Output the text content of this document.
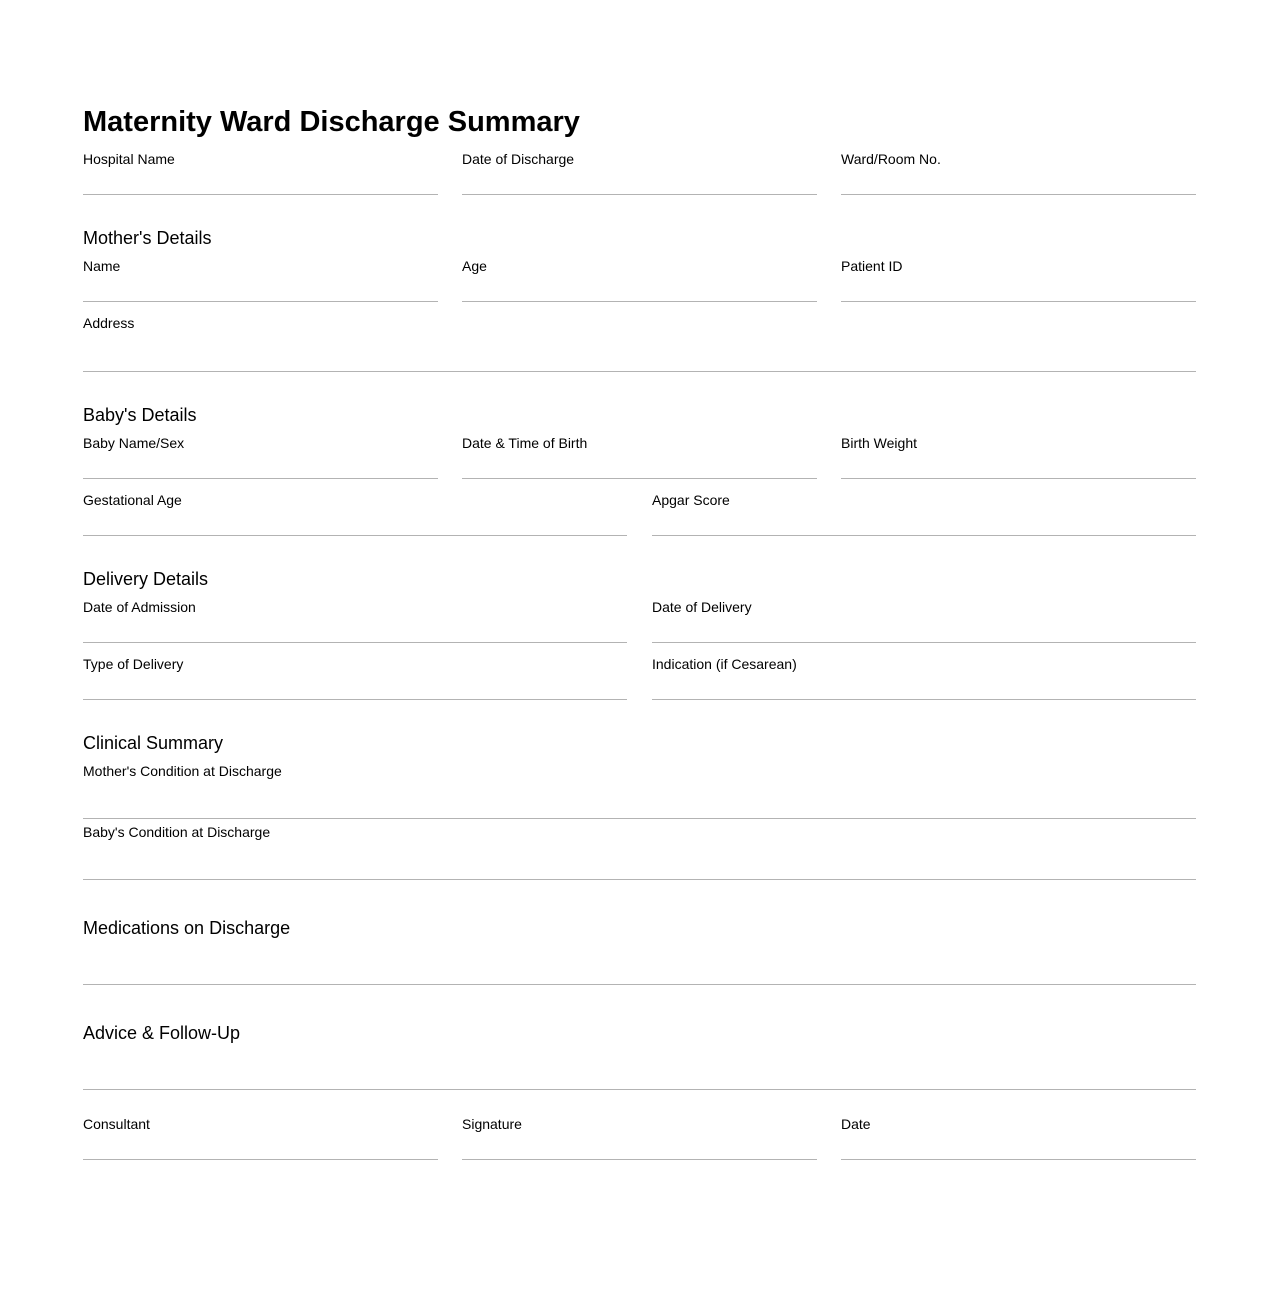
Maternity Ward Discharge Summary
Hospital Name	Date of Discharge	Ward/Room No.
Mother's Details
Name	Age	Patient ID
Address
Baby's Details
Baby Name/Sex	Date & Time of Birth	Birth Weight
Gestational Age	Apgar Score
Delivery Details
Date of Admission	Date of Delivery
Type of Delivery	Indication (if Cesarean)
Clinical Summary
Mother's Condition at Discharge
Baby's Condition at Discharge
Medications on Discharge
Advice & Follow-Up
Consultant	Signature	Date
